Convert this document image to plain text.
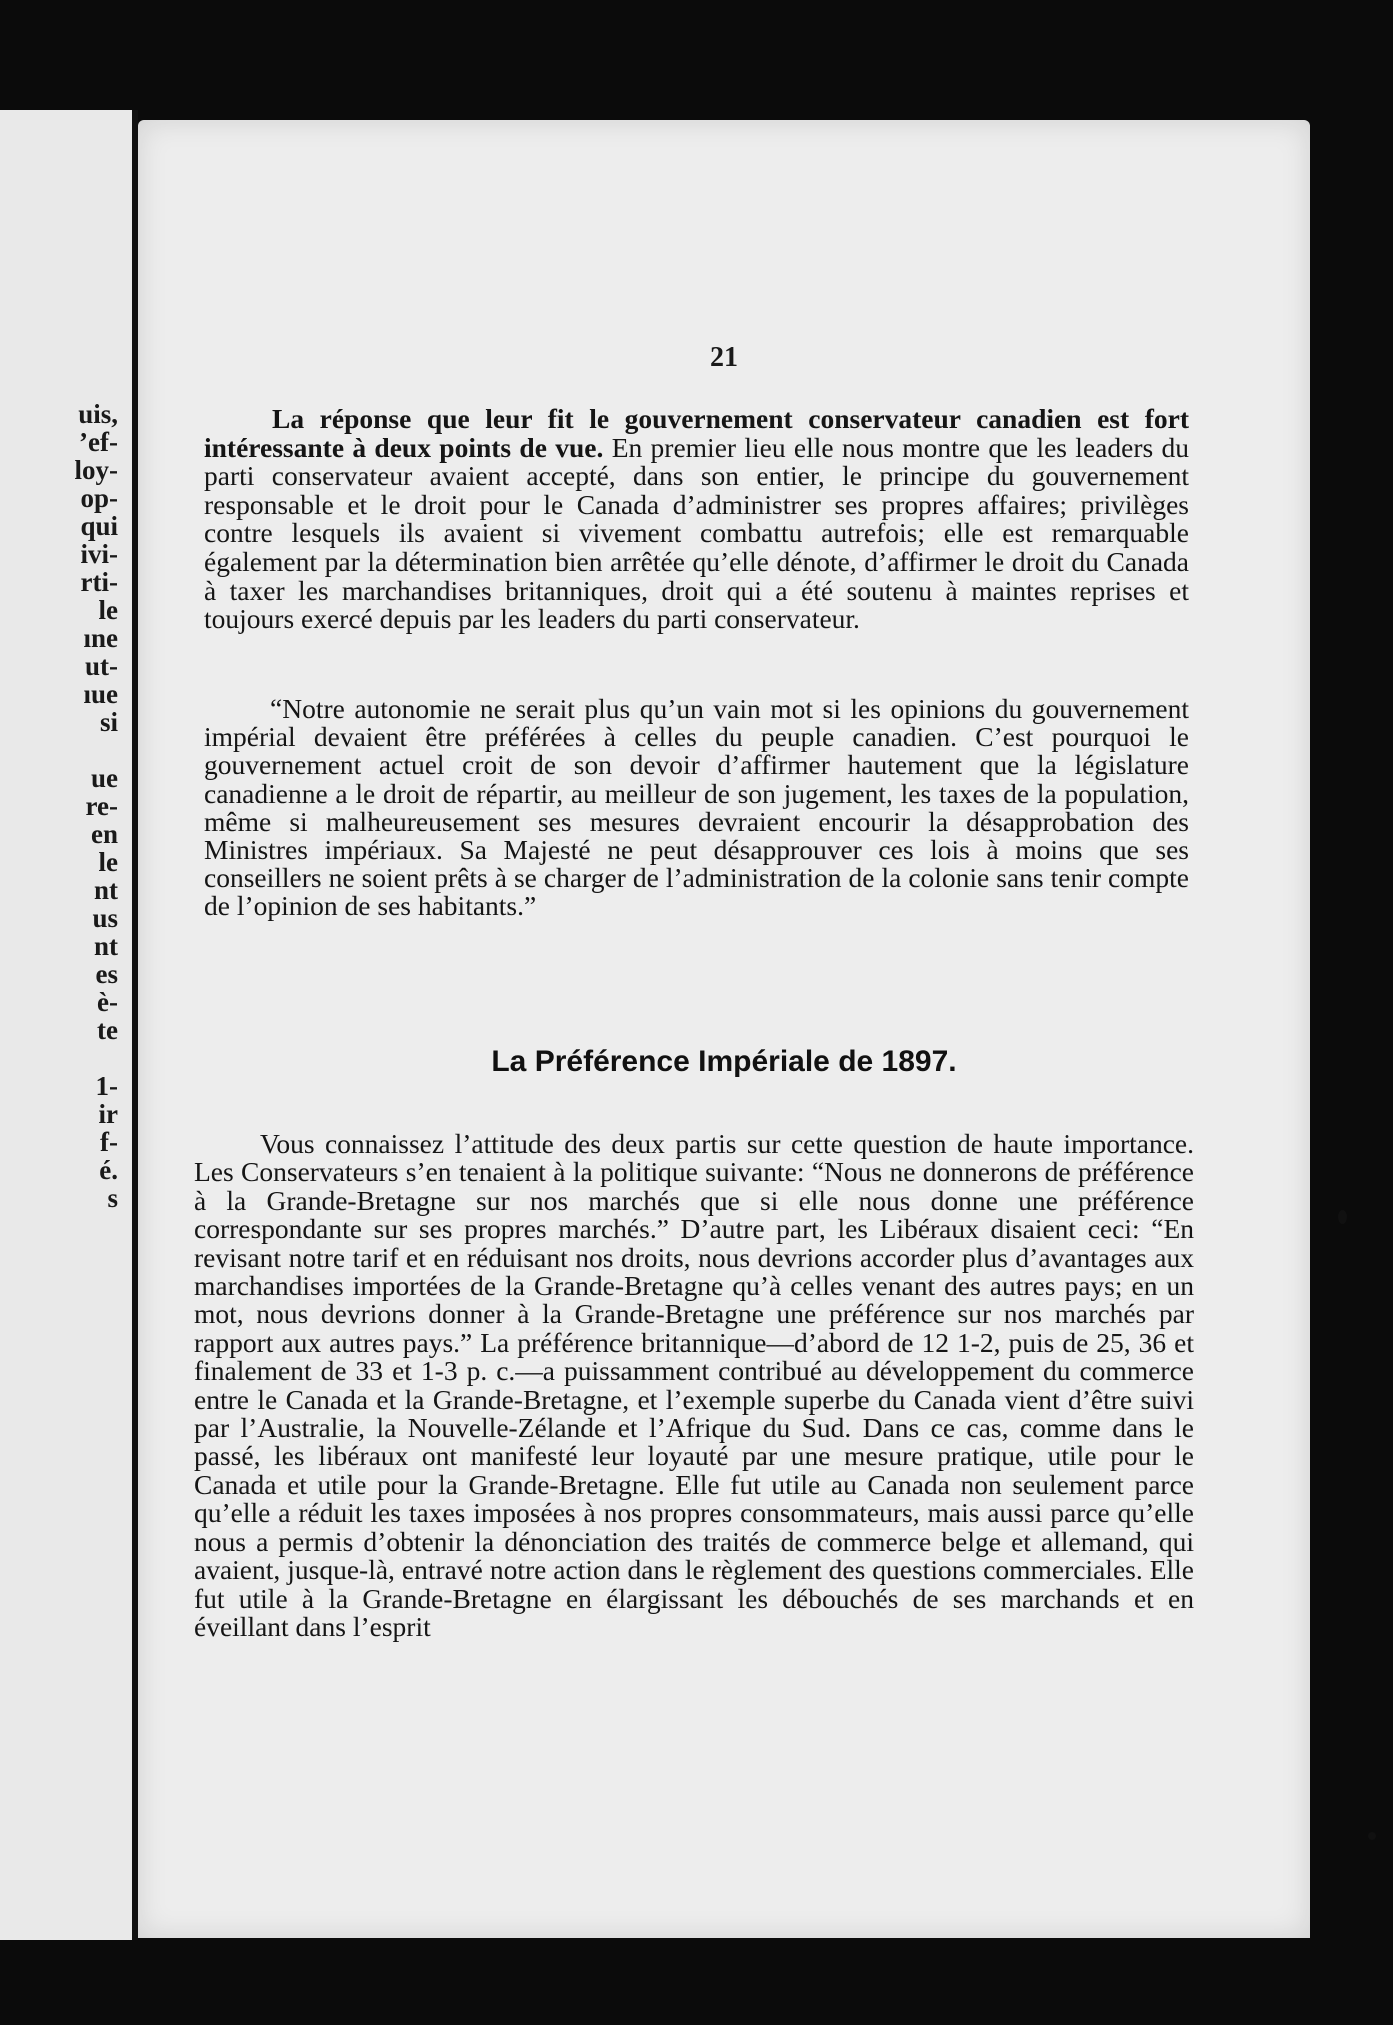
uis,
’ef-
loy-
op-
qui
ivi-
rti-
le
ıne
ut-
ıue
si
ue
re-
en
le
nt
us
nt
es
è-
te
1-
ir
f-
é.
s

21

La réponse que leur fit le gouvernement conservateur canadien est fort intéressante à deux points de vue. En premier lieu elle nous montre que les leaders du parti conservateur avaient accepté, dans son entier, le principe du gouvernement responsable et le droit pour le Canada d’administrer ses propres affaires; privilèges contre lesquels ils avaient si vivement combattu autrefois; elle est remarquable également par la détermination bien arrêtée qu’elle dénote, d’affirmer le droit du Canada à taxer les marchandises britanniques, droit qui a été soutenu à maintes reprises et toujours exercé depuis par les leaders du parti conservateur.

“Notre autonomie ne serait plus qu’un vain mot si les opinions du gouvernement impérial devaient être préférées à celles du peuple canadien. C’est pourquoi le gouvernement actuel croit de son devoir d’affirmer hautement que la législature canadienne a le droit de répartir, au meilleur de son jugement, les taxes de la population, même si malheureusement ses mesures devraient encourir la désapprobation des Ministres impériaux. Sa Majesté ne peut désapprouver ces lois à moins que ses conseillers ne soient prêts à se charger de l’administration de la colonie sans tenir compte de l’opinion de ses habitants.”

La Préférence Impériale de 1897.

Vous connaissez l’attitude des deux partis sur cette question de haute importance. Les Conservateurs s’en tenaient à la politique suivante: “Nous ne donnerons de préférence à la Grande-Bretagne sur nos marchés que si elle nous donne une préférence correspondante sur ses propres marchés.” D’autre part, les Libéraux disaient ceci: “En revisant notre tarif et en réduisant nos droits, nous devrions accorder plus d’avantages aux marchandises importées de la Grande-Bretagne qu’à celles venant des autres pays; en un mot, nous devrions donner à la Grande-Bretagne une préférence sur nos marchés par rapport aux autres pays.” La préférence britannique—d’abord de 12 1-2, puis de 25, 36 et finalement de 33 et 1-3 p. c.—a puissamment contribué au développement du commerce entre le Canada et la Grande-Bretagne, et l’exemple superbe du Canada vient d’être suivi par l’Australie, la Nouvelle-Zélande et l’Afrique du Sud. Dans ce cas, comme dans le passé, les libéraux ont manifesté leur loyauté par une mesure pratique, utile pour le Canada et utile pour la Grande-Bretagne. Elle fut utile au Canada non seulement parce qu’elle a réduit les taxes imposées à nos propres consommateurs, mais aussi parce qu’elle nous a permis d’obtenir la dénonciation des traités de commerce belge et allemand, qui avaient, jusque-là, entravé notre action dans le règlement des questions commerciales. Elle fut utile à la Grande-Bretagne en élargissant les débouchés de ses marchands et en éveillant dans l’esprit
